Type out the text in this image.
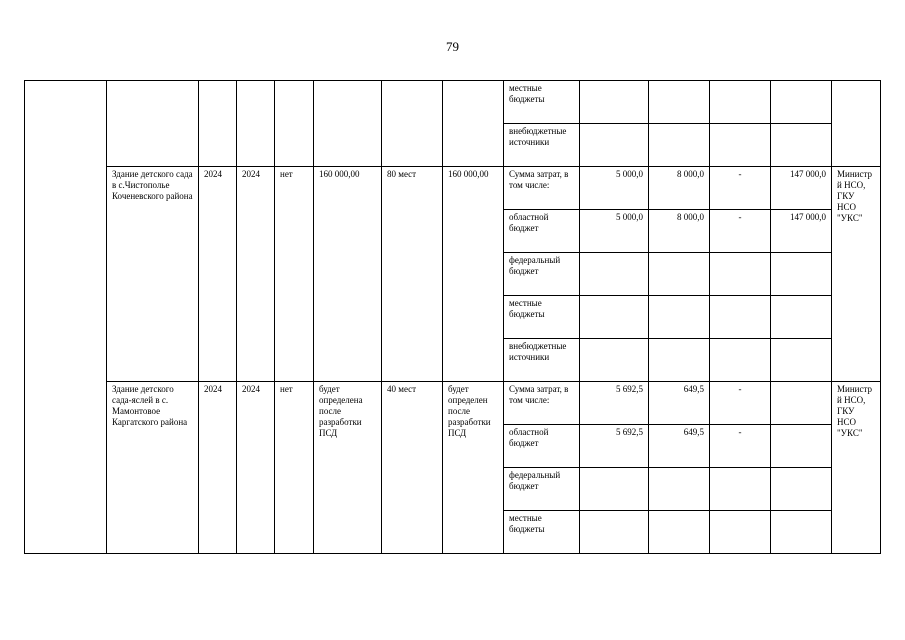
79
								местные бюджеты					
								внебюджетные источники					
	Здание детского сада в с.Чистополье Коченевского района	2024	2024	нет	160 000,00	80 мест	160 000,00	Сумма затрат, в том числе:	5 000,0	8 000,0	-	147 000,0	Министр й НСО, ГКУ НСО "УКС"
								областной бюджет	5 000,0	8 000,0	-	147 000,0	
								федеральный бюджет					
								местные бюджеты					
								внебюджетные источники					
	Здание детского сада-яслей в с. Мамонтовое Каргатского района	2024	2024	нет	будет определена после разработки ПСД	40 мест	будет определен после разработки ПСД	Сумма затрат, в том числе:	5 692,5	649,5	-		Министр й НСО, ГКУ НСО "УКС"
								областной бюджет	5 692,5	649,5	-		
								федеральный бюджет					
								местные бюджеты					
